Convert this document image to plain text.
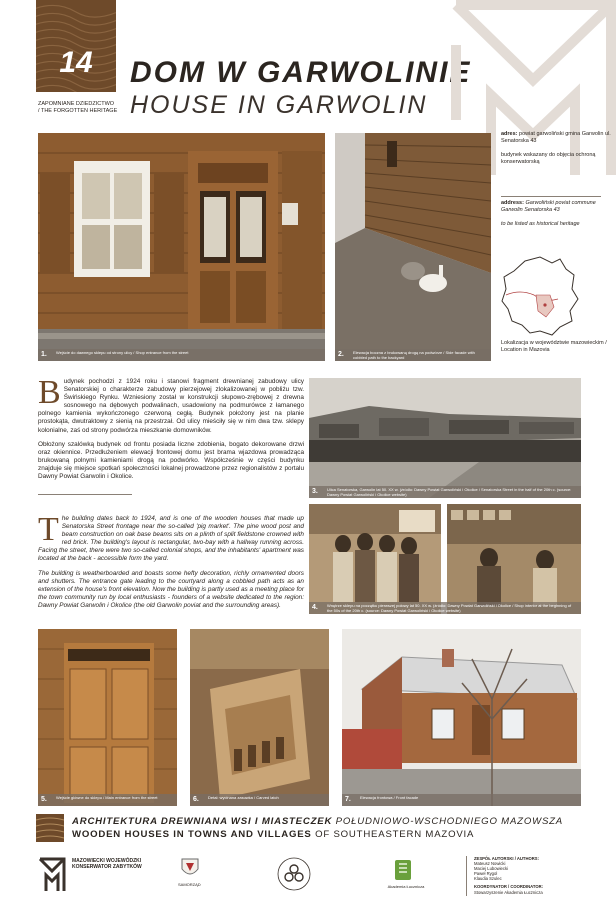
14
ZAPOMNIANE DZIEDZICTWO
/ THE FORGOTTEN HERITAGE
DOM W GARWOLINIE
HOUSE IN GARWOLIN
1. Wejście do dawnego sklepu od strony ulicy / Shop entrance from the street	2. Elewacja boczna z brukowaną drogą na podwórze / Side facade with cobbled path to the backyard
adres: powiat garwoliński gmina Garwolin ul. Senatorska 43
budynek wskazany do objęcia ochroną konserwatorską
address: Garwoliński poviat commune Garwolin Senatorska 43
to be listed as historical heritage
Lokalizacja w województwie mazowieckim / Location in Mazovia

Budynek pochodzi z 1924 roku i stanowi fragment drewnianej zabudowy ulicy Senatorskiej o charakterze zabudowy pierzejowej zlokalizowanej w pobliżu tzw. Świńskiego Rynku. Wzniesiony został w konstrukcji słupowo-zrębowej z drewna sosnowego na dębowych podwalinach, usadowiony na podmurówce z łamanego polnego kamienia wykończonego czerwoną cegłą. Budynek położony jest na planie prostokąta, dwutraktowy z sienią na przestrzał. Od ulicy mieściły się w nim dwa tzw. sklepy kolonialne, zaś od strony podwórza mieszkanie domowników.

Obłożony szalówką budynek od frontu posiada liczne zdobienia, bogato dekorowane drzwi oraz okiennice. Przedłużeniem elewacji frontowej domu jest brama wjazdowa prowadząca brukowaną polnymi kamieniami drogą na podwórko. Współcześnie w części budynku znajduje się miejsce spotkań społeczności lokalnej prowadzone przez regionalistów z portalu Dawny Powiat Garwolin i Okolice.

3. Ulica Senatorska, Garwolin lat 50. XX w. (źródło: Dawny Powiat Garwoliński i Okolice / Senatorska Street in the half of the 20th c. (source: Dawny Powiat Garwoliński i Okolice website)

The building dates back to 1924, and is one of the wooden houses that made up Senatorska Street frontage near the so-called 'pig market'. The pine wood post and beam construction on oak base beams sits on a plinth of split fieldstone crowned with red brick. The building's layout is rectangular, two-bay with a hallway running across. Facing the street, there were two so-called colonial shops, and the inhabitants' apartment was located at the back - accessible form the yard.

The building is weatherboarded and boasts some hefty decoration, richly ornamented doors and shutters. The entrance gate leading to the courtyard along a cobbled path acts as an extension of the house's front elevation. Now the building is partly used as a meeting place for the town community run by local enthusiasts - founders of a website dedicated to the region: Dawny Powiat Garwolin i Okolice (the old Garwolin poviat and the surrounding areas).	4. Wnętrze sklepu na początku pierwszej połowy lat 50. XX w. (źródło: Dawny Powiat Garwoliński i Okolice / Shop interior at the beginning of the 50s of the 20th c. (source: Dawny Powiat Garwoliński i Okolice website)
5. Wejście główne do sklepu / Main entrance from the street	6. Detal: wycinana zasuwka / Carved latch	7. Elewacja frontowa / Front facade
ARCHITEKTURA DREWNIANA WSI I MIASTECZEK POŁUDNIOWO-WSCHODNIEGO MAZOWSZA
WOODEN HOUSES IN TOWNS AND VILLAGES OF SOUTHEASTERN MAZOVIA
MAZOWIECKI WOJEWÓDZKI KONSERWATOR ZABYTKÓW
SAMORZĄD	Akademia Łucznicza
ZESPÓŁ AUTORSKI / AUTHORS:
Mateusz Nowicki
Maciej Lubowiecki
Paweł Rygol
Klaudia Szulec
KOORDYNATOR / COORDINATOR:
Stowarzyszenie Akademia Łucznicza
